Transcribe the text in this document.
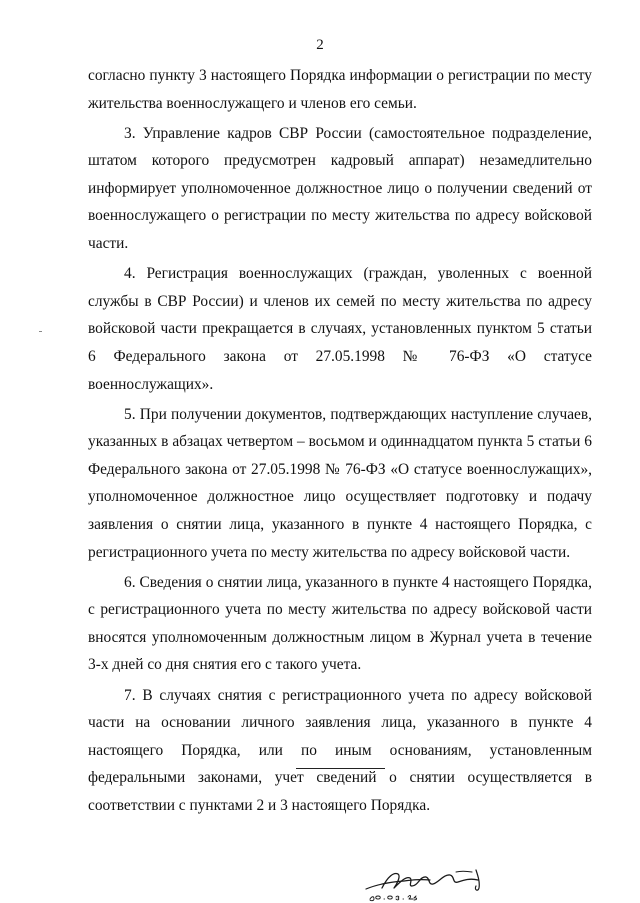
2

согласно пункту 3 настоящего Порядка информации о регистрации по месту жительства военнослужащего и членов его семьи.

3. Управление кадров СВР России (самостоятельное подразделение, штатом которого предусмотрен кадровый аппарат) незамедлительно информирует уполномоченное должностное лицо о получении сведений от военнослужащего о регистрации по месту жительства по адресу войсковой части.

4. Регистрация военнослужащих (граждан, уволенных с военной службы в СВР России) и членов их семей по месту жительства по адресу войсковой части прекращается в случаях, установленных пунктом 5 статьи 6 Федерального закона от 27.05.1998 № 76-ФЗ «О статусе военнослужащих».

5. При получении документов, подтверждающих наступление случаев, указанных в абзацах четвертом – восьмом и одиннадцатом пункта 5 статьи 6 Федерального закона от 27.05.1998 № 76-ФЗ «О статусе военнослужащих», уполномоченное должностное лицо осуществляет подготовку и подачу заявления о снятии лица, указанного в пункте 4 настоящего Порядка, с регистрационного учета по месту жительства по адресу войсковой части.

6. Сведения о снятии лица, указанного в пункте 4 настоящего Порядка, с регистрационного учета по месту жительства по адресу войсковой части вносятся уполномоченным должностным лицом в Журнал учета в течение 3-х дней со дня снятия его с такого учета.

7. В случаях снятия с регистрационного учета по адресу войсковой части на основании личного заявления лица, указанного в пункте 4 настоящего Порядка, или по иным основаниям, установленным федеральными законами, учет сведений о снятии осуществляется в соответствии с пунктами 2 и 3 настоящего Порядка.
